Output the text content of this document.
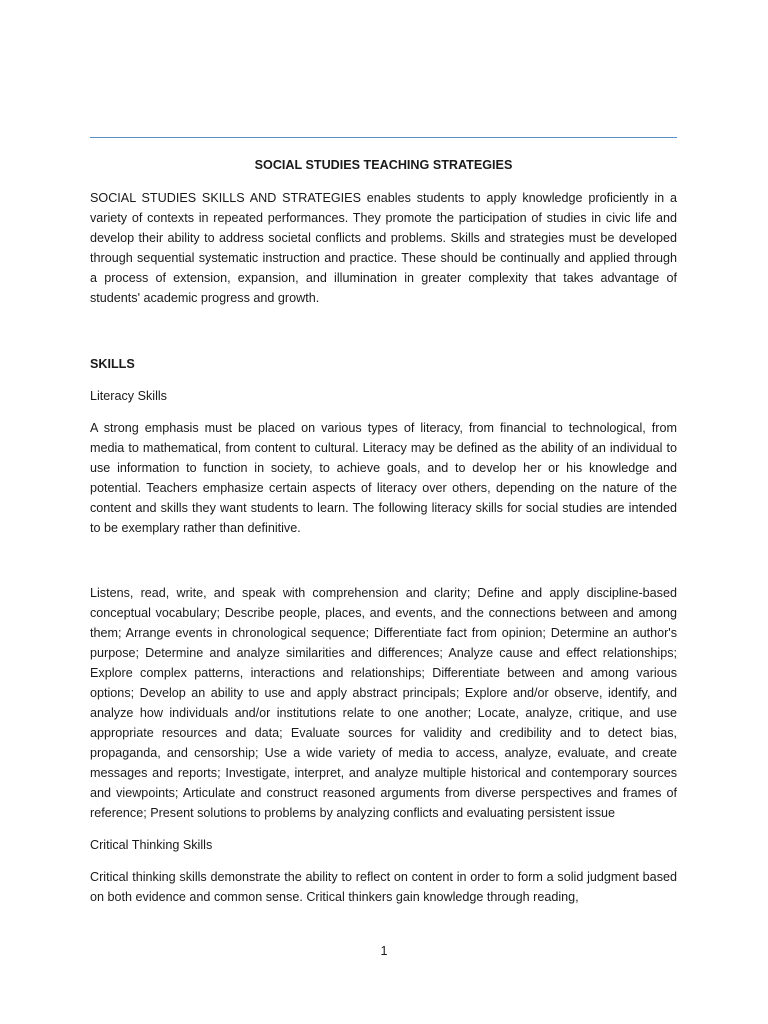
SOCIAL STUDIES TEACHING STRATEGIES

SOCIAL STUDIES SKILLS AND STRATEGIES enables students to apply knowledge proficiently in a variety of contexts in repeated performances. They promote the participation of studies in civic life and develop their ability to address societal conflicts and problems. Skills and strategies must be developed through sequential systematic instruction and practice. These should be continually and applied through a process of extension, expansion, and illumination in greater complexity that takes advantage of students' academic progress and growth.

SKILLS

Literacy Skills

A strong emphasis must be placed on various types of literacy, from financial to technological, from media to mathematical, from content to cultural. Literacy may be defined as the ability of an individual to use information to function in society, to achieve goals, and to develop her or his knowledge and potential. Teachers emphasize certain aspects of literacy over others, depending on the nature of the content and skills they want students to learn. The following literacy skills for social studies are intended to be exemplary rather than definitive.

Listens, read, write, and speak with comprehension and clarity; Define and apply discipline-based conceptual vocabulary; Describe people, places, and events, and the connections between and among them; Arrange events in chronological sequence; Differentiate fact from opinion; Determine an author's purpose; Determine and analyze similarities and differences; Analyze cause and effect relationships; Explore complex patterns, interactions and relationships; Differentiate between and among various options; Develop an ability to use and apply abstract principals; Explore and/or observe, identify, and analyze how individuals and/or institutions relate to one another; Locate, analyze, critique, and use appropriate resources and data; Evaluate sources for validity and credibility and to detect bias, propaganda, and censorship; Use a wide variety of media to access, analyze, evaluate, and create messages and reports; Investigate, interpret, and analyze multiple historical and contemporary sources and viewpoints; Articulate and construct reasoned arguments from diverse perspectives and frames of reference; Present solutions to problems by analyzing conflicts and evaluating persistent issue

Critical Thinking Skills

Critical thinking skills demonstrate the ability to reflect on content in order to form a solid judgment based on both evidence and common sense. Critical thinkers gain knowledge through reading,

1
